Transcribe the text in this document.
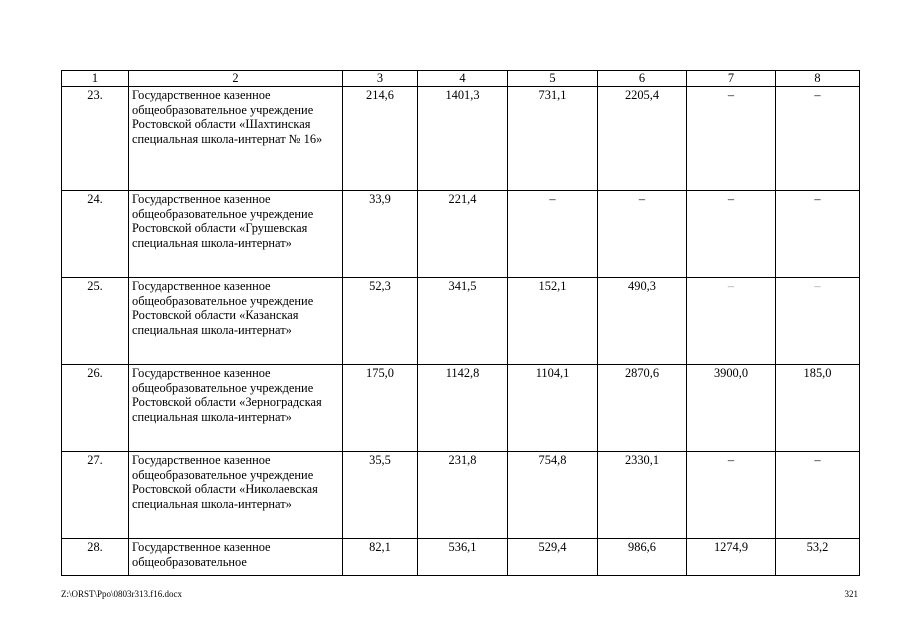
1	2	3	4	5	6	7	8
23.	Государственное казенное общеобразовательное учреждение Ростовской области «Шахтинская специальная школа-интернат № 16»	214,6	1401,3	731,1	2205,4	–	–
24.	Государственное казенное общеобразовательное учреждение Ростовской области «Грушевская специальная школа-интернат»	33,9	221,4	–	–	–	–
25.	Государственное казенное общеобразовательное учреждение Ростовской области «Казанская специальная школа-интернат»	52,3	341,5	152,1	490,3	–	–
26.	Государственное казенное общеобразовательное учреждение Ростовской области «Зерноградская специальная школа-интернат»	175,0	1142,8	1104,1	2870,6	3900,0	185,0
27.	Государственное казенное общеобразовательное учреждение Ростовской области «Николаевская специальная школа-интернат»	35,5	231,8	754,8	2330,1	–	–
28.	Государственное казенное общеобразовательное	82,1	536,1	529,4	986,6	1274,9	53,2
Z:\ORST\Ppo\0803r313.f16.docx	321
